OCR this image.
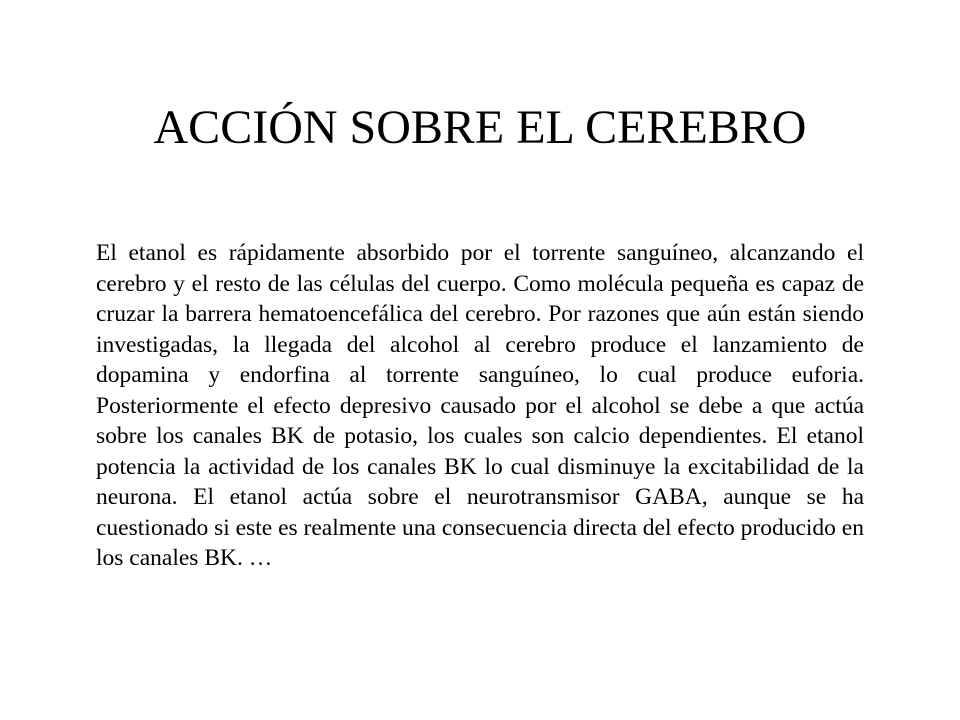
ACCIÓN SOBRE EL CEREBRO

El etanol es rápidamente absorbido por el torrente sanguíneo, alcanzando el cerebro y el resto de las células del cuerpo. Como molécula pequeña es capaz de cruzar la barrera hematoencefálica del cerebro. Por razones que aún están siendo investigadas, la llegada del alcohol al cerebro produce el lanzamiento de dopamina y endorfina al torrente sanguíneo, lo cual produce euforia. Posteriormente el efecto depresivo causado por el alcohol se debe a que actúa sobre los canales BK de potasio, los cuales son calcio dependientes. El etanol potencia la actividad de los canales BK lo cual disminuye la excitabilidad de la neurona. El etanol actúa sobre el neurotransmisor GABA, aunque se ha cuestionado si este es realmente una consecuencia directa del efecto producido en los canales BK. …
